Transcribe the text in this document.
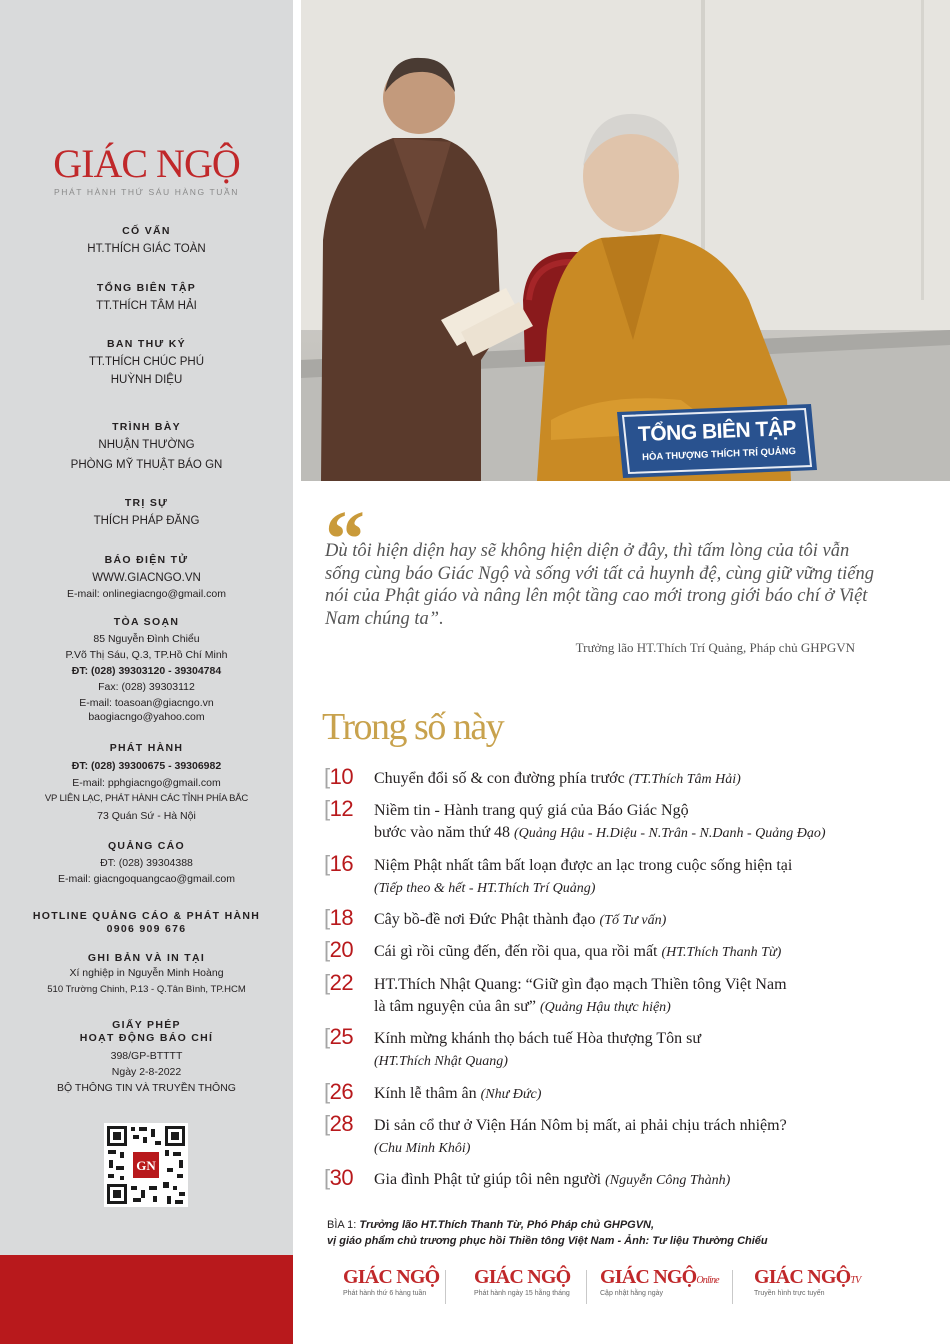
GIÁC NGỘ
PHÁT HÀNH THỨ SÁU HÀNG TUẦN
CỐ VẤN
HT.THÍCH GIÁC TOÀN
TỔNG BIÊN TẬP
TT.THÍCH TÂM HẢI
BAN THƯ KÝ
TT.THÍCH CHÚC PHÚ
HUỲNH DIỆU
TRÌNH BÀY
NHUẬN THƯỜNG
PHÒNG MỸ THUẬT BÁO GN
TRỊ SỰ
THÍCH PHÁP ĐĂNG
BÁO ĐIỆN TỬ
WWW.GIACNGO.VN
E-mail: onlinegiacngo@gmail.com
TÒA SOẠN
85 Nguyễn Đình Chiểu
P.Võ Thị Sáu, Q.3, TP.Hồ Chí Minh
ĐT: (028) 39303120 - 39304784
Fax: (028) 39303112
E-mail: toasoan@giacngo.vn
baogiacngo@yahoo.com
PHÁT HÀNH
ĐT: (028) 39300675 - 39306982
E-mail: pphgiacngo@gmail.com
VP LIÊN LẠC, PHÁT HÀNH CÁC TỈNH PHÍA BẮC
73 Quán Sứ - Hà Nội
QUẢNG CÁO
ĐT: (028) 39304388
E-mail: giacngoquangcao@gmail.com
HOTLINE QUẢNG CÁO & PHÁT HÀNH
0906 909 676
GHI BẢN VÀ IN TẠI
Xí nghiệp in Nguyễn Minh Hoàng
510 Trường Chinh, P.13 - Q.Tân Bình, TP.HCM
GIẤY PHÉP
HOẠT ĐỘNG BÁO CHÍ
398/GP-BTTTT
Ngày 2-8-2022
BỘ THÔNG TIN VÀ TRUYỀN THÔNG
GN
TỔNG BIÊN TẬP
HÒA THƯỢNG THÍCH TRÍ QUẢNG
“
Dù tôi hiện diện hay sẽ không hiện diện ở đây, thì tấm lòng của tôi vẫn sống cùng báo Giác Ngộ và sống với tất cả huynh đệ, cùng giữ vững tiếng nói của Phật giáo và nâng lên một tầng cao mới trong giới báo chí ở Việt Nam chúng ta”.
Trưởng lão HT.Thích Trí Quảng, Pháp chủ GHPGVN
Trong số này
[10 Chuyển đổi số & con đường phía trước (TT.Thích Tâm Hải)
[12 Niềm tin - Hành trang quý giá của Báo Giác Ngộ
bước vào năm thứ 48 (Quảng Hậu - H.Diệu - N.Trân - N.Danh - Quảng Đạo)
[16 Niệm Phật nhất tâm bất loạn được an lạc trong cuộc sống hiện tại
(Tiếp theo & hết - HT.Thích Trí Quảng)
[18 Cây bồ-đề nơi Đức Phật thành đạo (Tố Tư vấn)
[20 Cái gì rồi cũng đến, đến rồi qua, qua rồi mất (HT.Thích Thanh Từ)
[22 HT.Thích Nhật Quang: “Giữ gìn đạo mạch Thiền tông Việt Nam
là tâm nguyện của ân sư” (Quảng Hậu thực hiện)
[25 Kính mừng khánh thọ bách tuế Hòa thượng Tôn sư
(HT.Thích Nhật Quang)
[26 Kính lễ thâm ân (Như Đức)
[28 Di sản cổ thư ở Viện Hán Nôm bị mất, ai phải chịu trách nhiệm?
(Chu Minh Khôi)
[30 Gia đình Phật tử giúp tôi nên người (Nguyễn Công Thành)
BÌA 1: Trưởng lão HT.Thích Thanh Từ, Phó Pháp chủ GHPGVN,
vị giáo phẩm chủ trương phục hồi Thiền tông Việt Nam - Ảnh: Tư liệu Thường Chiếu
GIÁC NGỘ
Phát hành thứ 6 hàng tuần
GIÁC NGỘ
Phát hành ngày 15 hằng tháng
GIÁC NGỘOnline
Cập nhật hằng ngày
GIÁC NGỘTV
Truyền hình trực tuyến
